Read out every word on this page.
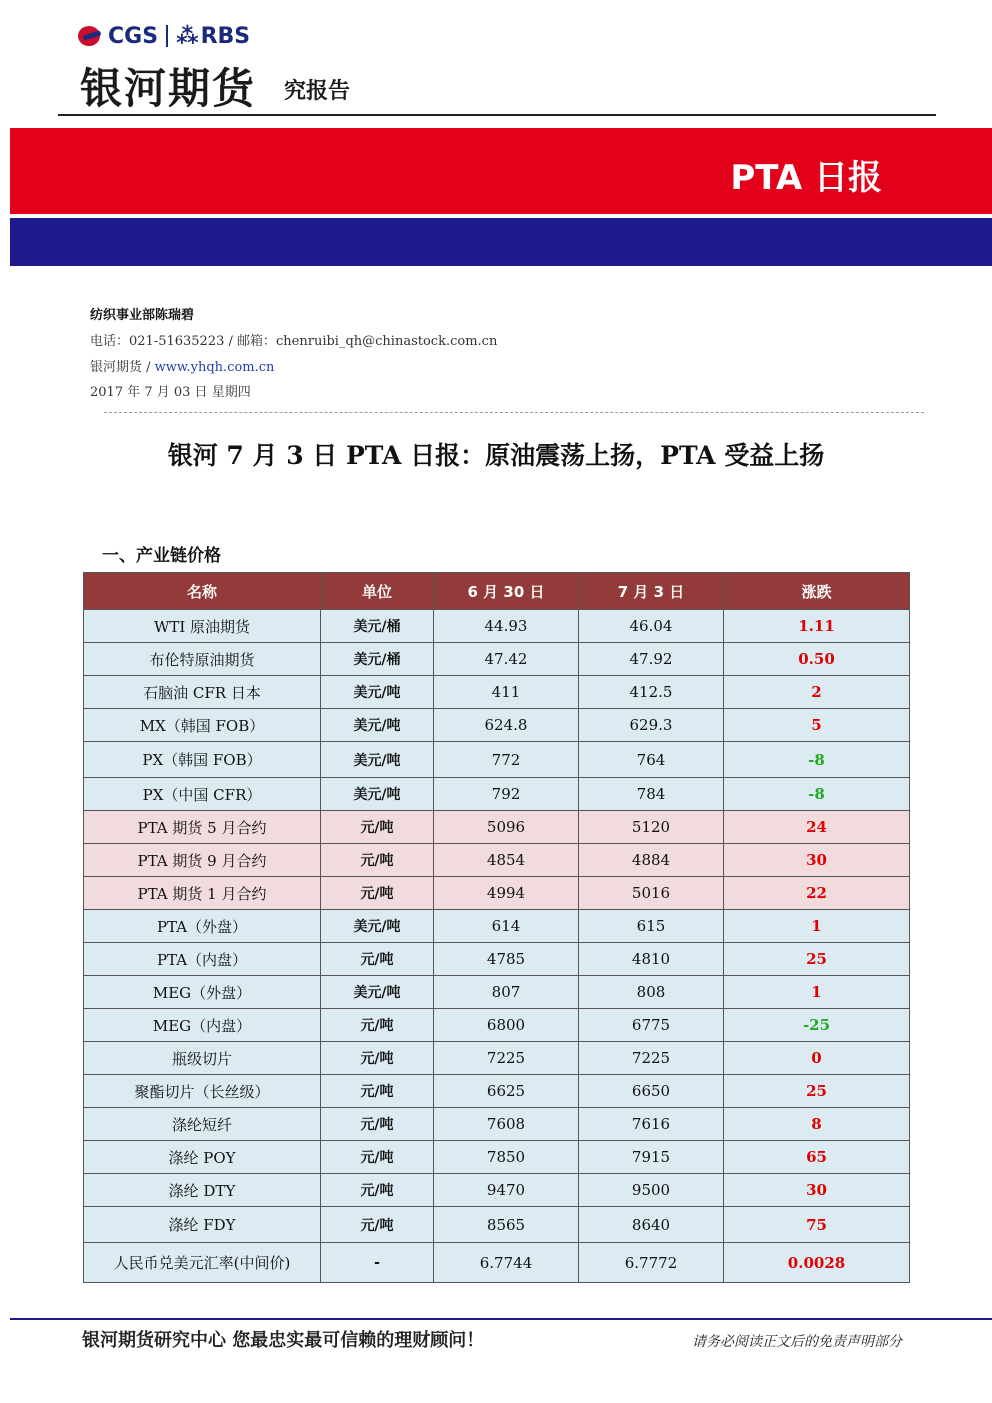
CGS ⁂ RBS
银河期货 究报告
PTA 日报
纺织事业部陈瑞碧
电话：021-51635223 / 邮箱：chenruibi_qh@chinastock.com.cn
银河期货 / www.yhqh.com.cn
2017 年 7 月 03 日 星期四
银河 7 月 3 日 PTA 日报：原油震荡上扬，PTA 受益上扬
一、产业链价格
名称	单位	6 月 30 日	7 月 3 日	涨跌
WTI 原油期货	美元/桶	44.93	46.04	1.11
布伦特原油期货	美元/桶	47.42	47.92	0.50
石脑油 CFR 日本	美元/吨	411	412.5	2
MX（韩国 FOB）	美元/吨	624.8	629.3	5
PX（韩国 FOB）	美元/吨	772	764	-8
PX（中国 CFR）	美元/吨	792	784	-8
PTA 期货 5 月合约	元/吨	5096	5120	24
PTA 期货 9 月合约	元/吨	4854	4884	30
PTA 期货 1 月合约	元/吨	4994	5016	22
PTA（外盘）	美元/吨	614	615	1
PTA（内盘）	元/吨	4785	4810	25
MEG（外盘）	美元/吨	807	808	1
MEG（内盘）	元/吨	6800	6775	-25
瓶级切片	元/吨	7225	7225	0
聚酯切片（长丝级）	元/吨	6625	6650	25
涤纶短纤	元/吨	7608	7616	8
涤纶 POY	元/吨	7850	7915	65
涤纶 DTY	元/吨	9470	9500	30
涤纶 FDY	元/吨	8565	8640	75
人民币兑美元汇率(中间价)	-	6.7744	6.7772	0.0028
银河期货研究中心 您最忠实最可信赖的理财顾问！	请务必阅读正文后的免责声明部分
